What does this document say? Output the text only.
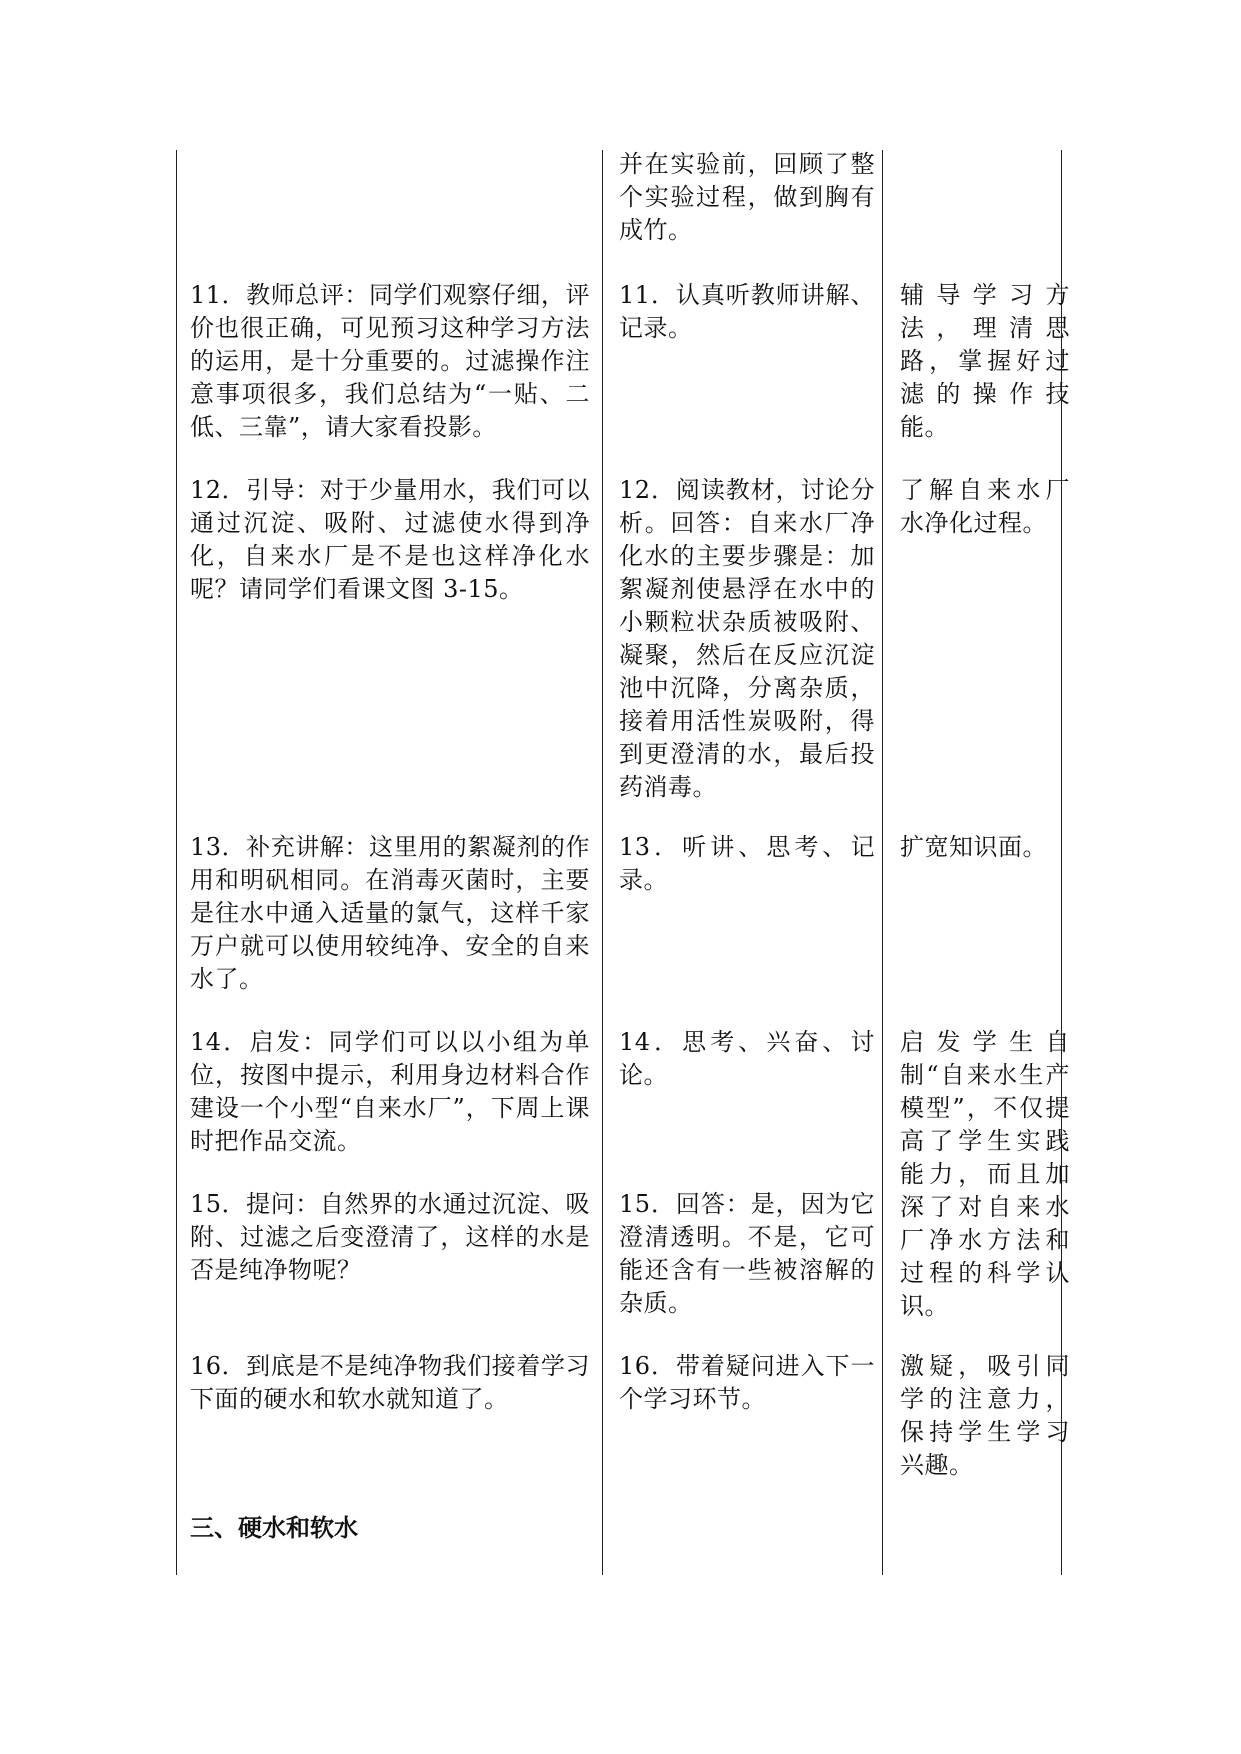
并在实验前，回顾了整个实验过程，做到胸有成竹。
11．教师总评：同学们观察仔细，评价也很正确，可见预习这种学习方法的运用，是十分重要的。过滤操作注意事项很多，我们总结为“一贴、二低、三靠”，请大家看投影。
11．认真听教师讲解、记录。
辅导学习方法，理清思路，掌握好过滤的操作技能。
12．引导：对于少量用水，我们可以通过沉淀、吸附、过滤使水得到净化，自来水厂是不是也这样净化水呢？请同学们看课文图 3-15。
12．阅读教材，讨论分析。回答：自来水厂净化水的主要步骤是：加絮凝剂使悬浮在水中的小颗粒状杂质被吸附、凝聚，然后在反应沉淀池中沉降，分离杂质，接着用活性炭吸附，得到更澄清的水，最后投药消毒。
了解自来水厂水净化过程。
13．补充讲解：这里用的絮凝剂的作用和明矾相同。在消毒灭菌时，主要是往水中通入适量的氯气，这样千家万户就可以使用较纯净、安全的自来水了。
13．听讲、思考、记录。
扩宽知识面。
14．启发：同学们可以以小组为单位，按图中提示，利用身边材料合作建设一个小型“自来水厂”，下周上课时把作品交流。
14．思考、兴奋、讨论。
启发学生自制“自来水生产模型”，不仅提高了学生实践能力，而且加深了对自来水厂净水方法和过程的科学认识。
15．提问：自然界的水通过沉淀、吸附、过滤之后变澄清了，这样的水是否是纯净物呢？
15．回答：是，因为它澄清透明。不是，它可能还含有一些被溶解的杂质。
16．到底是不是纯净物我们接着学习下面的硬水和软水就知道了。
16．带着疑问进入下一个学习环节。
激疑，吸引同学的注意力，保持学生学习兴趣。
三、硬水和软水
